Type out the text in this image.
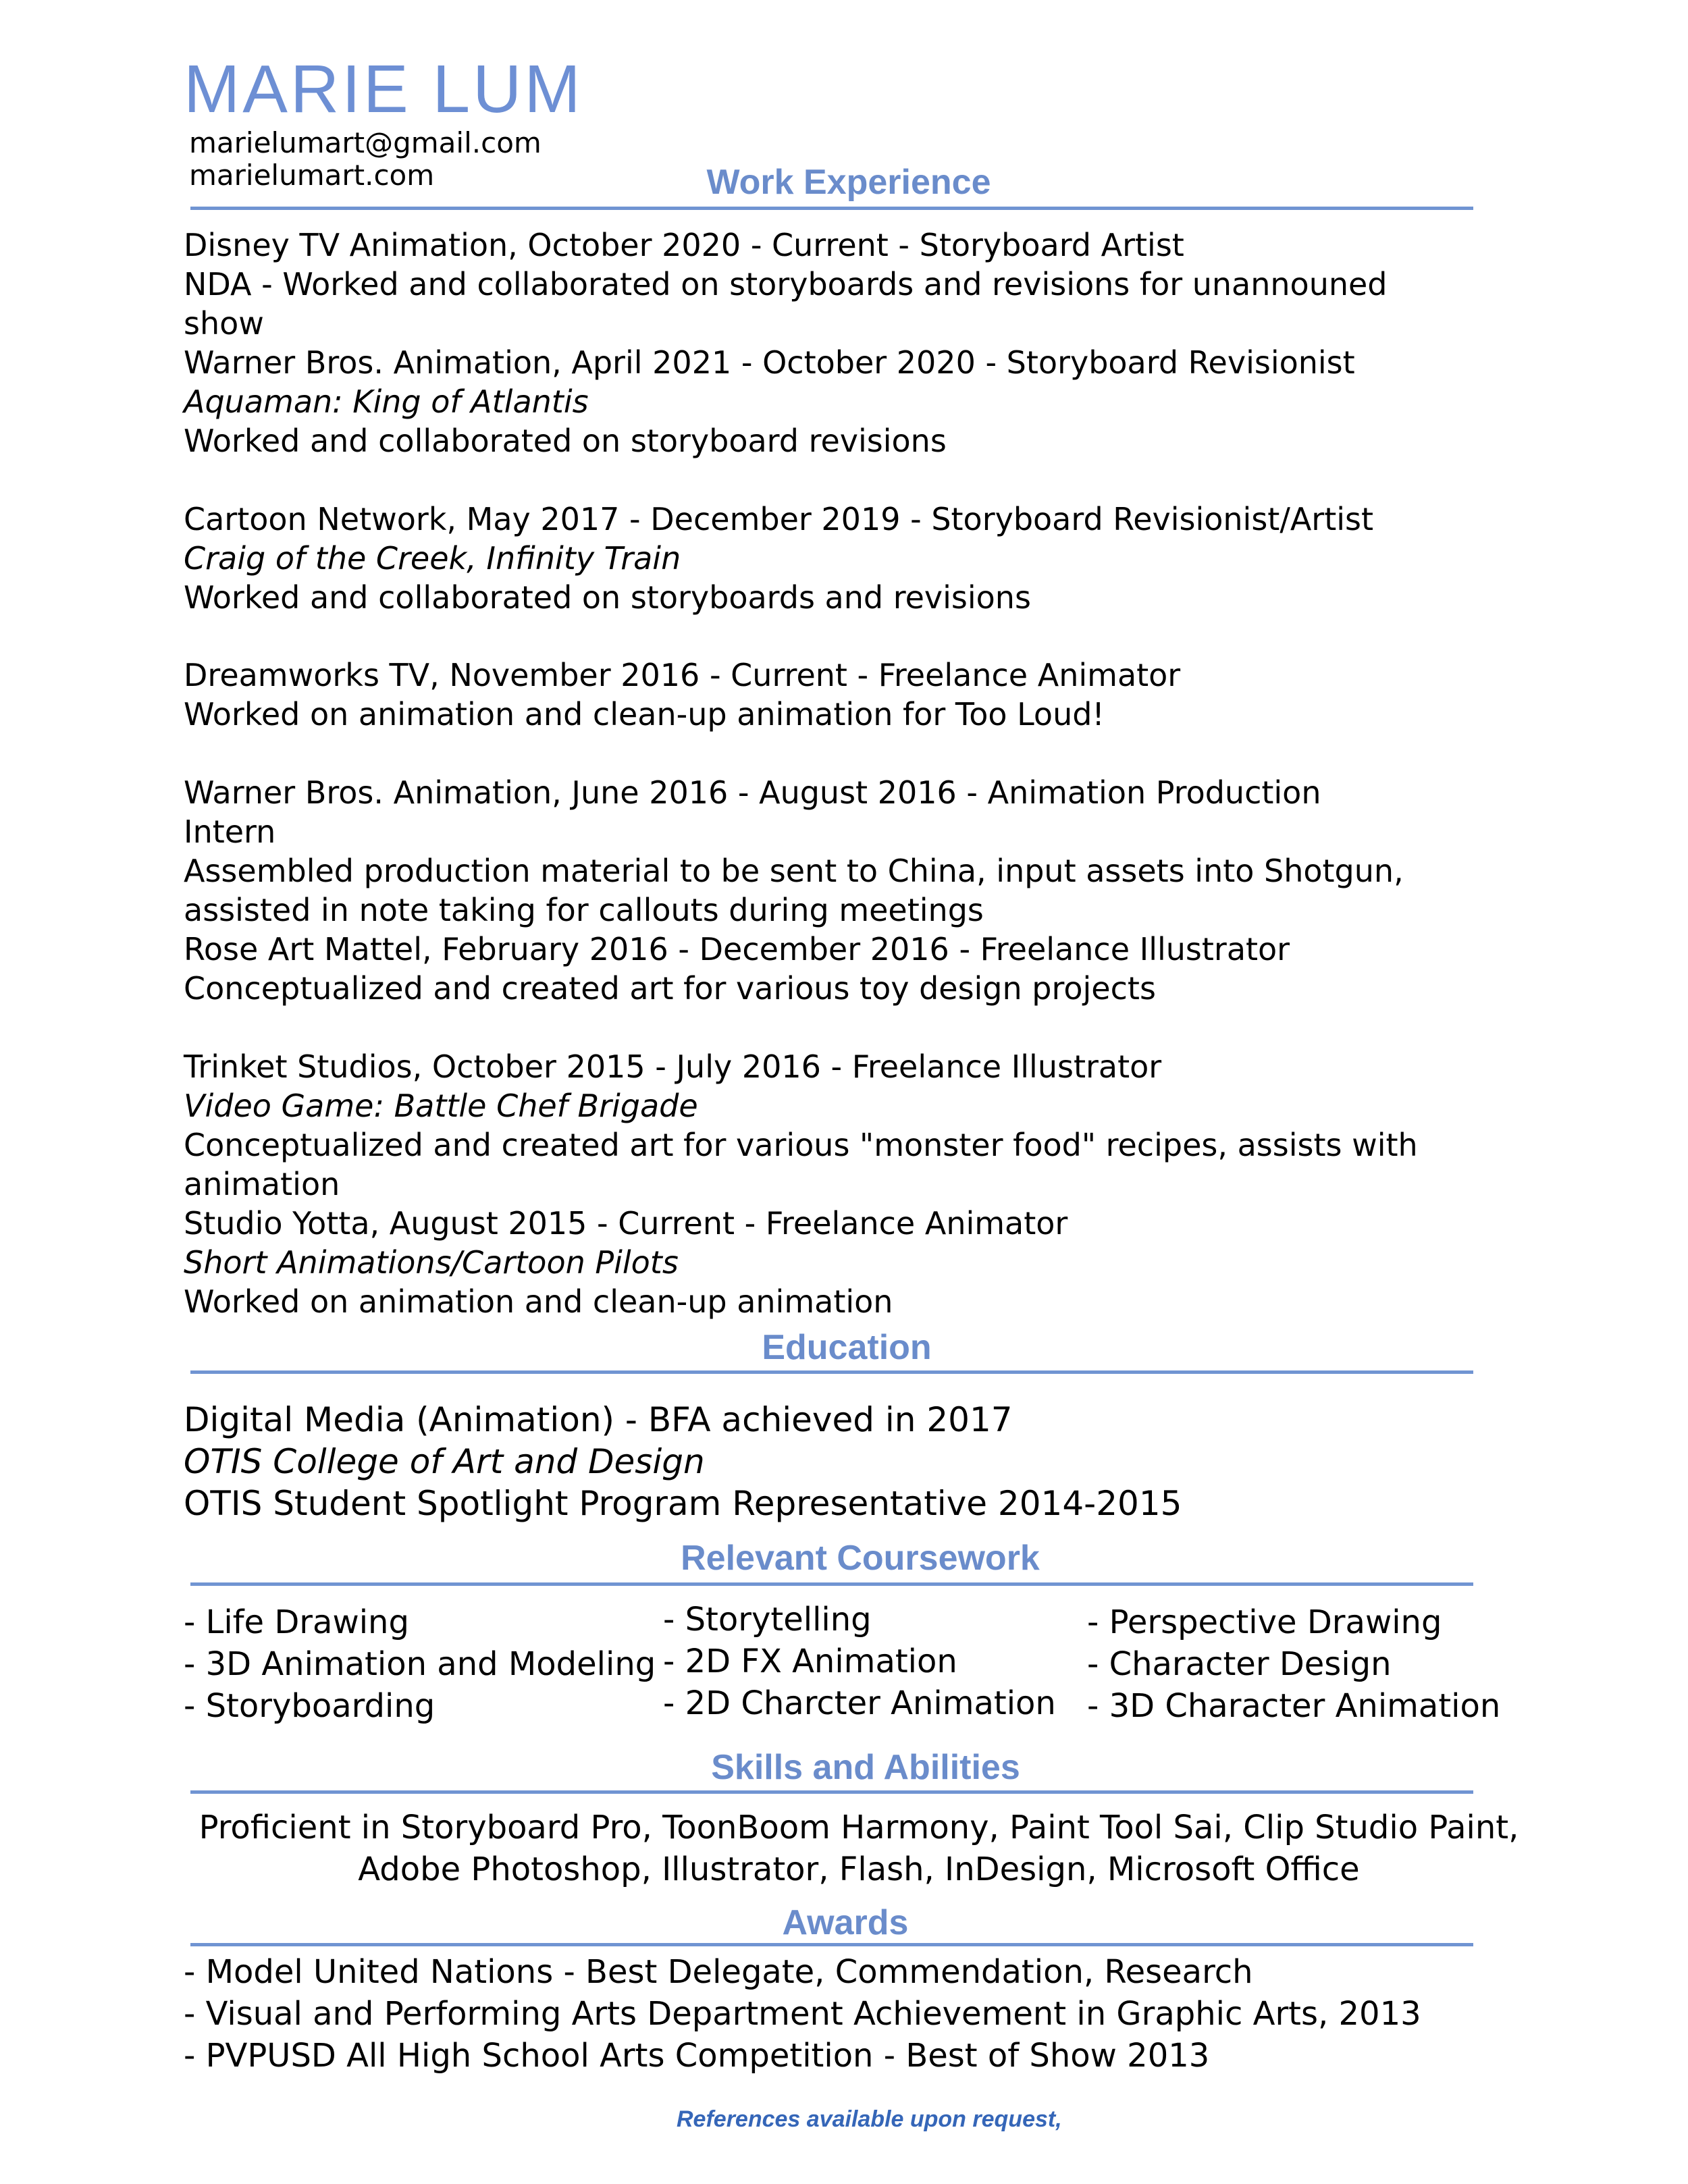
MARIE LUM
marielumart@gmail.com
marielumart.com	Work Experience
Disney TV Animation, October 2020 - Current - Storyboard Artist
NDA - Worked and collaborated on storyboards and revisions for unannouned show
Warner Bros. Animation, April 2021 - October 2020 - Storyboard Revisionist
Aquaman: King of Atlantis
Worked and collaborated on storyboard revisions
Cartoon Network, May 2017 - December 2019 - Storyboard Revisionist/Artist
Craig of the Creek, Infinity Train
Worked and collaborated on storyboards and revisions
Dreamworks TV, November 2016 - Current - Freelance Animator
Worked on animation and clean-up animation for Too Loud!
Warner Bros. Animation, June 2016 - August 2016 - Animation Production Intern
Assembled production material to be sent to China, input assets into Shotgun, assisted in note taking for callouts during meetings
Rose Art Mattel, February 2016 - December 2016 - Freelance Illustrator
Conceptualized and created art for various toy design projects
Trinket Studios, October 2015 - July 2016 - Freelance Illustrator
Video Game: Battle Chef Brigade
Conceptualized and created art for various "monster food" recipes, assists with animation
Studio Yotta, August 2015 - Current - Freelance Animator
Short Animations/Cartoon Pilots
Worked on animation and clean-up animation
Education
Digital Media (Animation) - BFA achieved in 2017
OTIS College of Art and Design
OTIS Student Spotlight Program Representative 2014-2015
Relevant Coursework
- Life Drawing
- 3D Animation and Modeling
- Storyboarding
- Storytelling
- 2D FX Animation
- 2D Charcter Animation
- Perspective Drawing
- Character Design
- 3D Character Animation
Skills and Abilities
Proficient in Storyboard Pro, ToonBoom Harmony, Paint Tool Sai, Clip Studio Paint,
Adobe Photoshop, Illustrator, Flash, InDesign, Microsoft Office
Awards
- Model United Nations - Best Delegate, Commendation, Research
- Visual and Performing Arts Department Achievement in Graphic Arts, 2013
- PVPUSD All High School Arts Competition - Best of Show 2013
References available upon request,
